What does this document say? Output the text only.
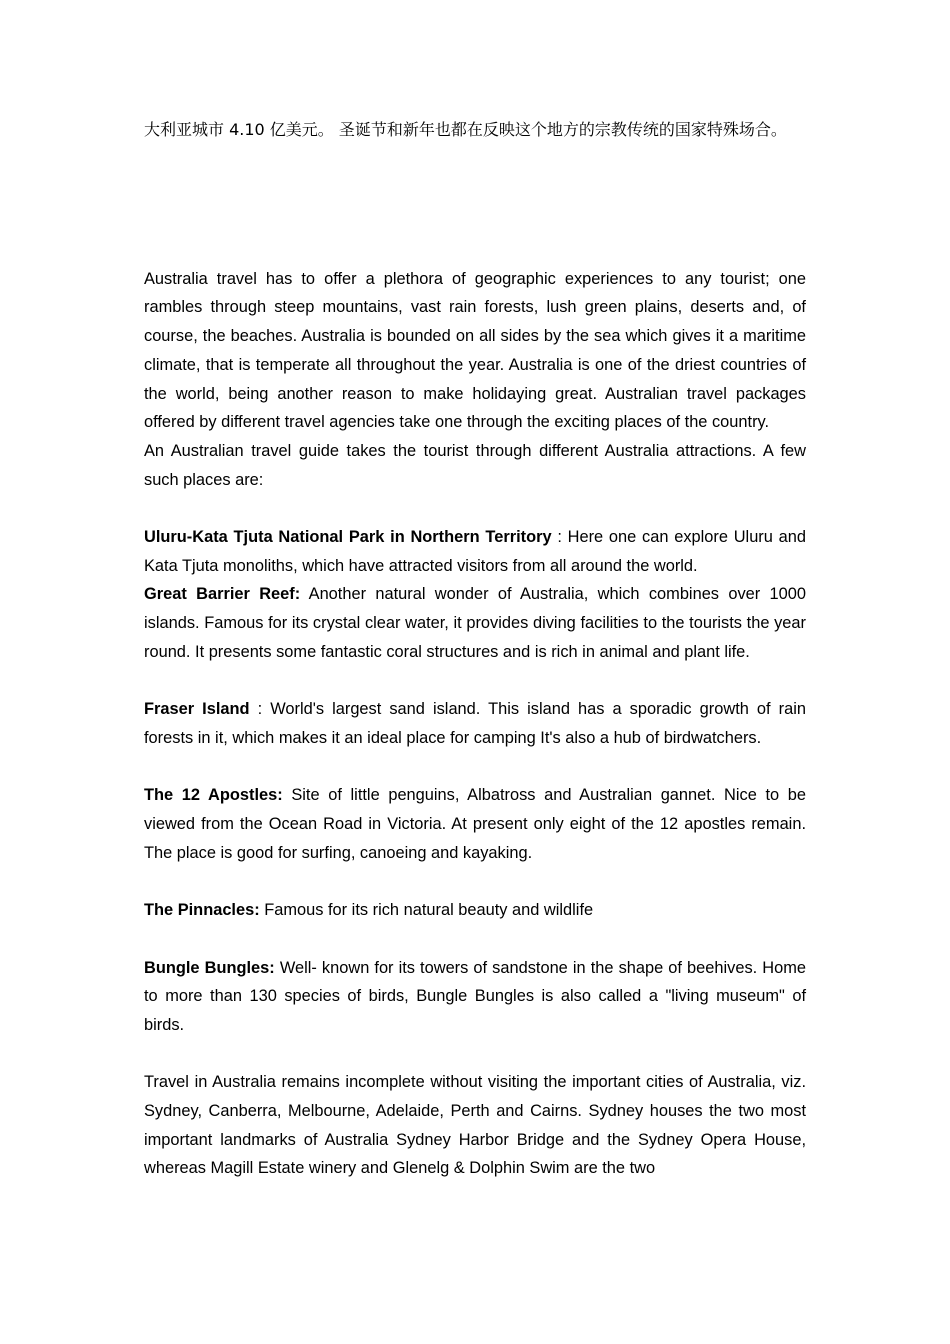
大利亚城市 4.10 亿美元。 圣诞节和新年也都在反映这个地方的宗教传统的国家特殊场合。

Australia travel has to offer a plethora of geographic experiences to any tourist; one rambles through steep mountains, vast rain forests, lush green plains, deserts and, of course, the beaches. Australia is bounded on all sides by the sea which gives it a maritime climate, that is temperate all throughout the year. Australia is one of the driest countries of the world, being another reason to make holidaying great. Australian travel packages offered by different travel agencies take one through the exciting places of the country.

An Australian travel guide takes the tourist through different Australia attractions. A few such places are:

Uluru-Kata Tjuta National Park in Northern Territory : Here one can explore Uluru and Kata Tjuta monoliths, which have attracted visitors from all around the world.

Great Barrier Reef: Another natural wonder of Australia, which combines over 1000 islands. Famous for its crystal clear water, it provides diving facilities to the tourists the year round. It presents some fantastic coral structures and is rich in animal and plant life.

Fraser Island : World's largest sand island. This island has a sporadic growth of rain forests in it, which makes it an ideal place for camping It's also a hub of birdwatchers.

The 12 Apostles: Site of little penguins, Albatross and Australian gannet. Nice to be viewed from the Ocean Road in Victoria. At present only eight of the 12 apostles remain. The place is good for surfing, canoeing and kayaking.

The Pinnacles: Famous for its rich natural beauty and wildlife

Bungle Bungles: Well- known for its towers of sandstone in the shape of beehives. Home to more than 130 species of birds, Bungle Bungles is also called a "living museum" of birds.

Travel in Australia remains incomplete without visiting the important cities of Australia, viz. Sydney, Canberra, Melbourne, Adelaide, Perth and Cairns. Sydney houses the two most important landmarks of Australia Sydney Harbor Bridge and the Sydney Opera House, whereas Magill Estate winery and Glenelg & Dolphin Swim are the two
